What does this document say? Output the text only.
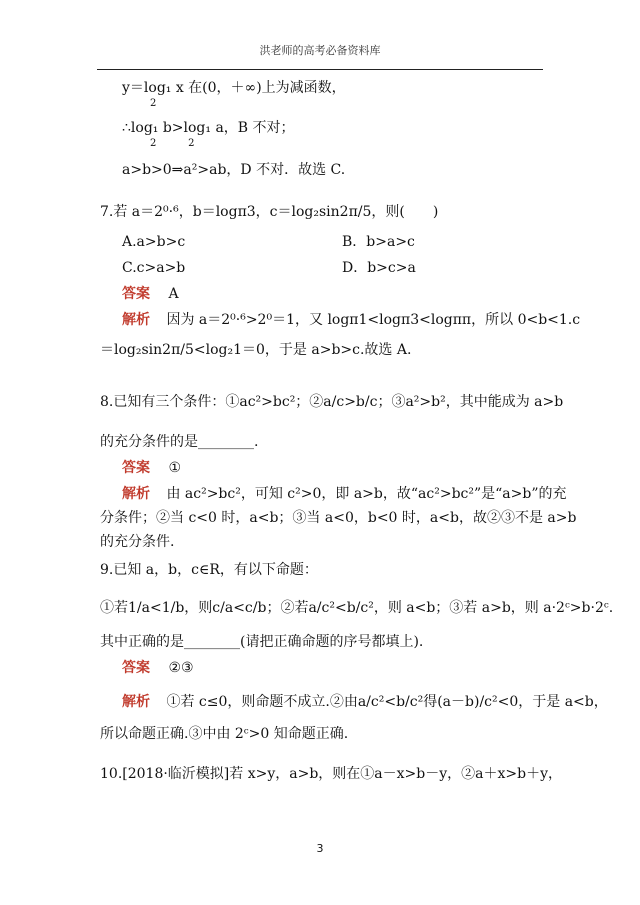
洪老师的高考必备资料库
y＝log₁ x 在(0，＋∞)上为减函数，
2
∴log₁ b>log₁ a，B 不对；
2          2
a>b>0⇒a²>ab，D 不对．故选 C.
7.若 a＝2⁰·⁶，b＝logπ3，c＝log₂sin2π/5，则(　　)
A.a>b>c	B．b>a>c
C.c>a>b	D．b>c>a
答案 A
解析 因为 a＝2⁰·⁶>2⁰＝1，又 logπ1<logπ3<logππ，所以 0<b<1.c
＝log₂sin2π/5<log₂1＝0，于是 a>b>c.故选 A.
8.已知有三个条件：①ac²>bc²；②a/c>b/c；③a²>b²，其中能成为 a>b
的充分条件的是________.
答案 ①
解析 由 ac²>bc²，可知 c²>0，即 a>b，故“ac²>bc²”是“a>b”的充
分条件；②当 c<0 时，a<b；③当 a<0，b<0 时，a<b，故②③不是 a>b
的充分条件.
9.已知 a，b，c∈R，有以下命题：
①若1/a<1/b，则c/a<c/b；②若a/c²<b/c²，则 a<b；③若 a>b，则 a·2ᶜ>b·2ᶜ.
其中正确的是________(请把正确命题的序号都填上).
答案 ②③
解析 ①若 c≤0，则命题不成立.②由a/c²<b/c²得(a－b)/c²<0，于是 a<b，
所以命题正确.③中由 2ᶜ>0 知命题正确.
10.[2018·临沂模拟]若 x>y，a>b，则在①a－x>b－y，②a＋x>b＋y，
3
